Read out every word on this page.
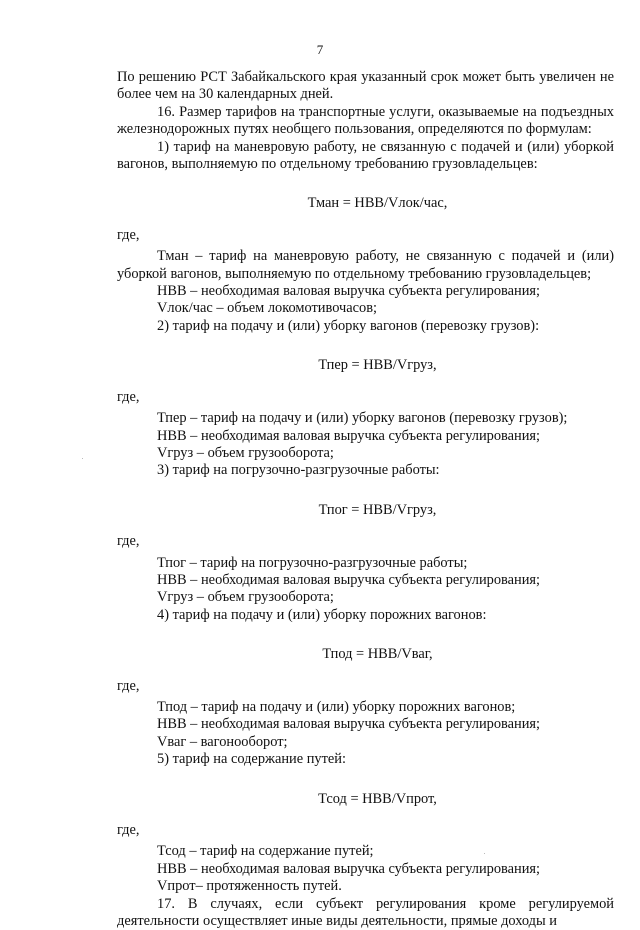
7

По решению РСТ Забайкальского края указанный срок может быть увеличен не более чем на 30 календарных дней.

16. Размер тарифов на транспортные услуги, оказываемые на подъездных железнодорожных путях необщего пользования, определяются по формулам:

1) тариф на маневровую работу, не связанную с подачей и (или) уборкой вагонов, выполняемую по отдельному требованию грузовладельцев:

Тман = НВВ/Vлок/час,

где,

Тман – тариф на маневровую работу, не связанную с подачей и (или) уборкой вагонов, выполняемую по отдельному требованию грузовладельцев;

НВВ – необходимая валовая выручка субъекта регулирования;

Vлок/час – объем локомотивочасов;

2) тариф на подачу и (или) уборку вагонов (перевозку грузов):

Тпер = НВВ/Vгруз,

где,

Тпер – тариф на подачу и (или) уборку вагонов (перевозку грузов);

НВВ – необходимая валовая выручка субъекта регулирования;

Vгруз – объем грузооборота;

3) тариф на погрузочно-разгрузочные работы:

Тпог = НВВ/Vгруз,

где,

Тпог – тариф на погрузочно-разгрузочные работы;

НВВ – необходимая валовая выручка субъекта регулирования;

Vгруз – объем грузооборота;

4) тариф на подачу и (или) уборку порожних вагонов:

Тпод = НВВ/Vваг,

где,

Тпод – тариф на подачу и (или) уборку порожних вагонов;

НВВ – необходимая валовая выручка субъекта регулирования;

Vваг – вагонооборот;

5) тариф на содержание путей:

Тсод = НВВ/Vпрот,

где,

Тсод – тариф на содержание путей;

НВВ – необходимая валовая выручка субъекта регулирования;

Vпрот– протяженность путей.

17. В случаях, если субъект регулирования кроме регулируемой деятельности осуществляет иные виды деятельности, прямые доходы и
